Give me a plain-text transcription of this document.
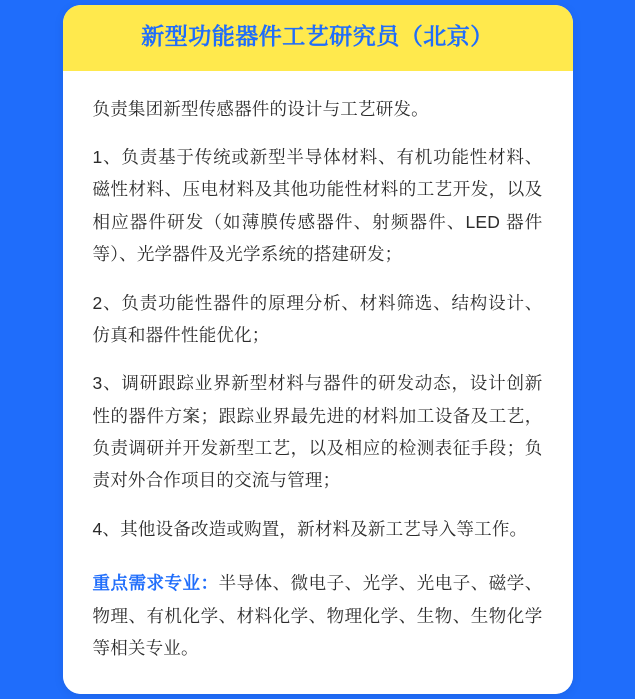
新型功能器件工艺研究员（北京）

负责集团新型传感器件的设计与工艺研发。

1、负责基于传统或新型半导体材料、有机功能性材料、磁性材料、压电材料及其他功能性材料的工艺开发，以及相应器件研发（如薄膜传感器件、射频器件、LED 器件等）、光学器件及光学系统的搭建研发；

2、负责功能性器件的原理分析、材料筛选、结构设计、仿真和器件性能优化；

3、调研跟踪业界新型材料与器件的研发动态，设计创新性的器件方案；跟踪业界最先进的材料加工设备及工艺，负责调研并开发新型工艺，以及相应的检测表征手段；负责对外合作项目的交流与管理；

4、其他设备改造或购置，新材料及新工艺导入等工作。

重点需求专业：半导体、微电子、光学、光电子、磁学、物理、有机化学、材料化学、物理化学、生物、生物化学等相关专业。
